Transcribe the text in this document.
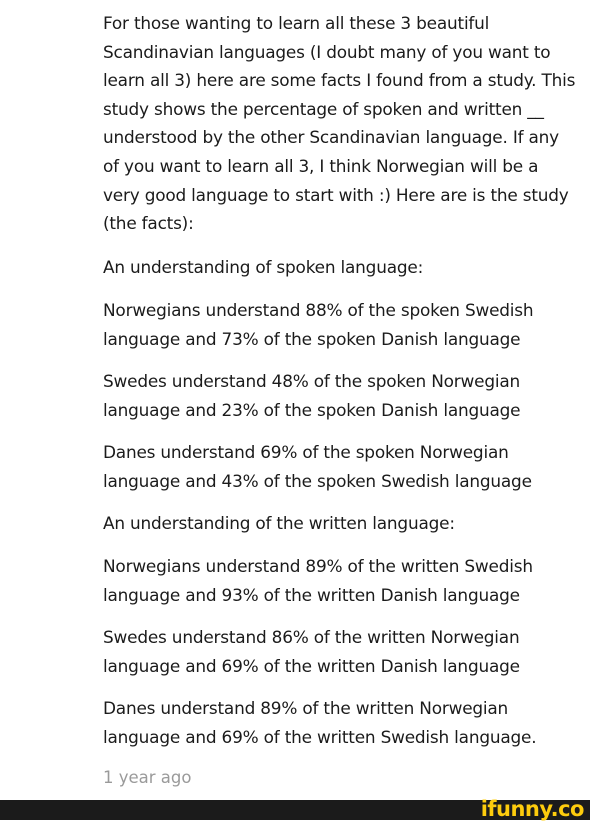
For those wanting to learn all these 3 beautiful Scandinavian languages (I doubt many of you want to learn all 3) here are some facts I found from a study. This study shows the percentage of spoken and written __ understood by the other Scandinavian language. If any of you want to learn all 3, I think Norwegian will be a very good language to start with :) Here are is the study (the facts):

An understanding of spoken language:

Norwegians understand 88% of the spoken Swedish language and 73% of the spoken Danish language

Swedes understand 48% of the spoken Norwegian language and 23% of the spoken Danish language

Danes understand 69% of the spoken Norwegian language and 43% of the spoken Swedish language

An understanding of the written language:

Norwegians understand 89% of the written Swedish language and 93% of the written Danish language

Swedes understand 86% of the written Norwegian language and 69% of the written Danish language

Danes understand 89% of the written Norwegian language and 69% of the written Swedish language.

1 year ago
ifunny.co
